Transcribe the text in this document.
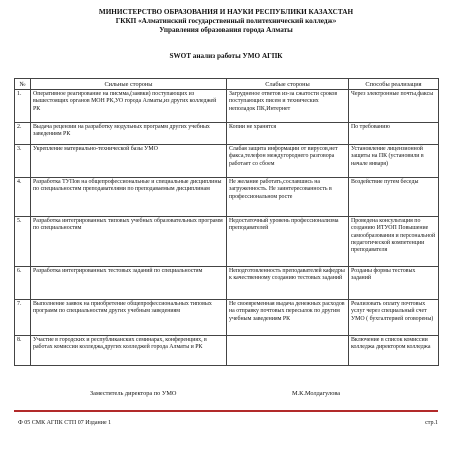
МИНИСТЕРСТВО ОБРАЗОВАНИЯ И НАУКИ РЕСПУБЛИКИ КАЗАХСТАН
ГККП «Алматинский государственный политехнический колледж»
Управления образования города Алматы
SWOT анализ работы УМО АГПК
№	Сильные стороны	Слабые стороны	Способы реализация
1.	Оперативное реагирование на писмма,(заявки) поступающих из вышестоящих органов МОН РК,УО города Алматы,из других колледжей РК	Загрудненое ответов из-за сжатости сроков поступающих писем и технических неполадок ПК,Интернет	Через электронные почты,факсы
2.	Выдача рецензии на разработку модульных программ других учебных заведениям РК	Копии не хранятся	По требованию
3.	Укрепление материально-технической базы УМО	Слабая защита информации от вирусов,нет факса,телефон междугороднего разговора работает со сбоем	Установление лицензионной защиты на ПК (установили в начале января)
4.	Разработка ТУПов на общепрофессиональные и специальные дисциплины по специальностям преподавателями по преподаваемым дисциплинам	Не желание работать,сославшись на загруженность. Не заинтересованность в профессиональном росте	Воздействие путем беседы
5.	Разработка интегрированных типовых учебных образовательных программ по специальностям	Недостаточный уровень профессионализма преподавателей	Проведена консультация по созданию ИТУОП Повышение самообразования и персональной педагогической компетенции преподавателя
6.	Разработка интегрированных тестовых заданий по специальностям	Неподготовленность преподавателей кафедры к качественному созданию тестовых заданий	Розданы формы тестовых заданий
7.	Выполнение заявок на приобретение общепрофессиональных типовых программ по специальностям других учебным заведениям	Не своевременная выдача денежных расходов на отправку почтовых пересылок по другим учебным заведениям РК	Реализовать оплату почтовых услуг через специальный счет УМО ( бухгалтерией оговорены)
8.	Участие в городских и республиканских семинарах, конференциях, в работах комиссии колледжа,других колледжей города Алматы и РК		Включение в список комиссии колледжа директором колледжа
Заместитель директора по УМО	М.К.Молдагулова
Ф 05 СМК АГПК СТП 07 Издание 1	стр.1
